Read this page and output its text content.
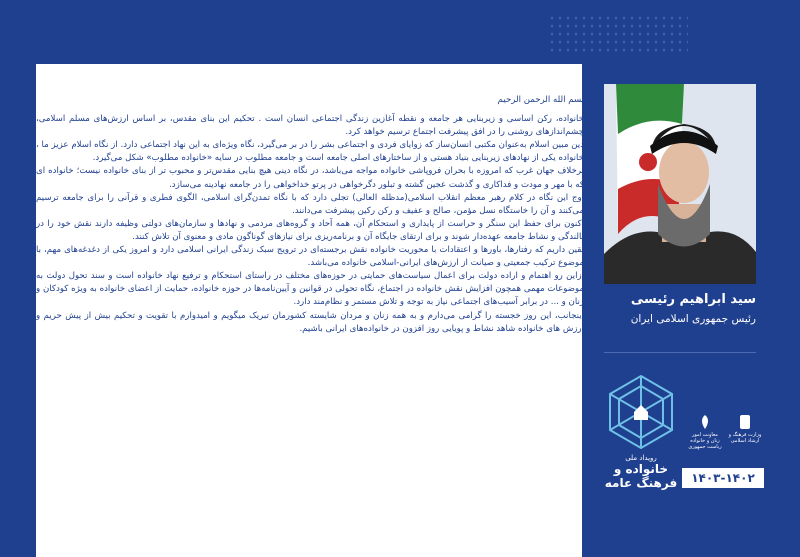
بسم الله الرحمن الرحیم

خانواده، رکن اساسی و زیربنایی هر جامعه و نقطه آغازین زندگی اجتماعی انسان است . تحکیم این بنای مقدس، بر اساس ارزش‌های مسلم اسلامی، چشم‌اندازهای روشنی را در افق پیشرفت اجتماع ترسیم خواهد کرد.

دین مبین اسلام به‌عنوان مکتبی انسان‌ساز که زوایای فردی و اجتماعی بشر را در بر می‌گیرد، نگاه ویژه‌ای به این نهاد اجتماعی دارد. از نگاه اسلام عزیز ما ، خانواده یکی از نهادهای زیربنایی بنیاد هستی و از ساختارهای اصلی جامعه است و جامعه مطلوب در سایه «خانواده مطلوب» شکل می‌گیرد.

برخلاف جهان غرب که امروزه با بحران فروپاشی خانواده مواجه می‌باشد، در نگاه دینی هیچ بنایی مقدس‌تر و محبوب تر از بنای خانواده نیست؛ خانواده ای که با مهر و مودت و فداکاری و گذشت عجین گشته و تبلور دگرخواهی در پرتو خداخواهی را در جامعه نهادینه می‌سازد.

اوج این نگاه در کلام رهبر معظم انقلاب اسلامی(مدظله العالی) تجلی دارد که با نگاه تمدن‌گرای اسلامی، الگوی فطری و قرآنی را برای جامعه ترسیم می‌کنند و آن را خاستگاه نسل مؤمن، صالح و عفیف و رکن رکین پیشرفت می‌دانند.

اکنون برای حفظ این سنگر و حراست از پایداری و استحکام آن، همه آحاد و گروه‌های مردمی و نهادها و سازمان‌های دولتی وظیفه دارند نقش خود را در بالندگی و نشاط جامعه عهده‌دار شوند و برای ارتقای جایگاه آن و برنامه‌ریزی برای نیازهای گوناگون مادی و معنوی آن تلاش کنند.

یقین داریم که رفتارها، باورها و اعتقادات با محوریت خانواده نقش برجسته‌ای در ترویج سبک زندگی ایرانی اسلامی دارد و امروز یکی از دغدغه‌های مهم، با موضوع ترکیب جمعیتی و صیانت از ارزش‌های ایرانی-اسلامی خانواده می‌باشد.

ازاین رو اهتمام و اراده دولت برای اعمال سیاست‌های حمایتی در حوزه‌های مختلف در راستای استحکام و ترفیع نهاد خانواده است و سند تحول دولت به موضوعات مهمی همچون افزایش نقش خانواده در اجتماع، نگاه تحولی در قوانین و آیین‌نامه‌ها در حوزه خانواده، حمایت از اعضای خانواده به ویژه کودکان و زنان و ... در برابر آسیب‌های اجتماعی نیاز به توجه و تلاش مستمر و نظام‌مند دارد.

اینجانب، این روز خجسته را گرامی می‌دارم و به همه زنان و مردان شایسته کشورمان تبریک میگویم و امیدوارم با تقویت و تحکیم بیش از پیش حریم و ارزش‌ های خانواده شاهد نشاط و پویایی روز افزون در خانواده‌های ایرانی باشیم.

سید ابراهیم رئیسی
رئیس جمهوری اسلامی ایران
رویداد ملی
خانواده و
فرهنگ عامه
معاونت امور زنان و خانواده ریاست جمهوری
وزارت فرهنگ و ارشاد اسلامی
۱۴۰۳-۱۴۰۲
